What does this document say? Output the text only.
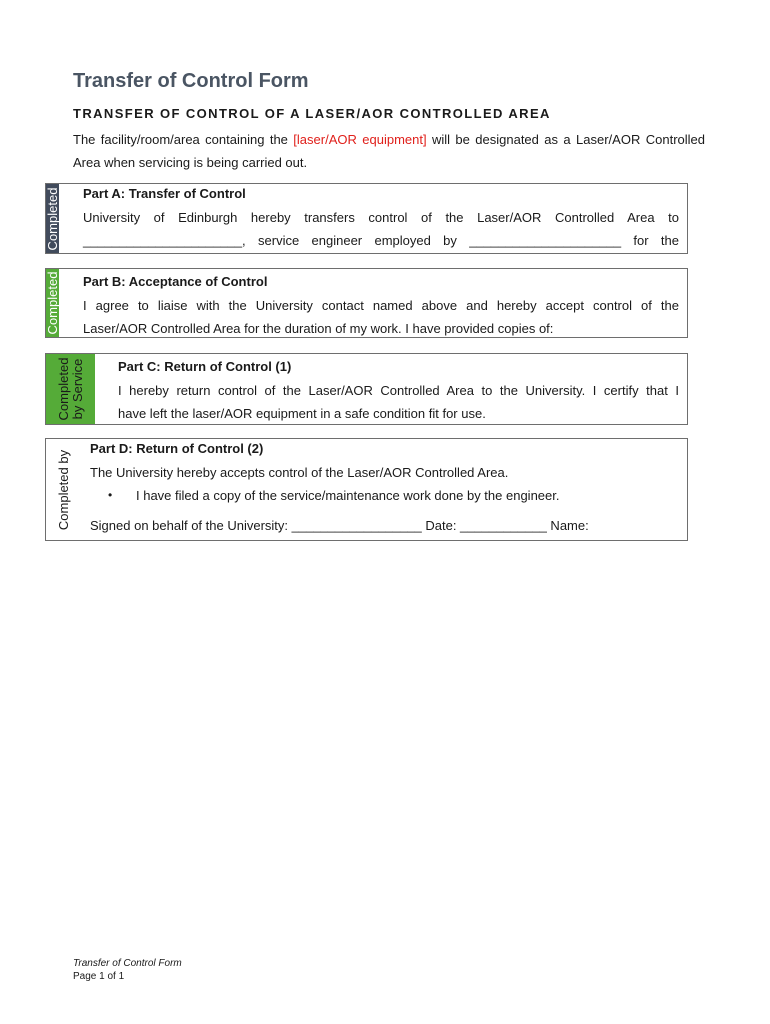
Transfer of Control Form
TRANSFER OF CONTROL OF A LASER/AOR CONTROLLED AREA

The facility/room/area containing the [laser/AOR equipment] will be designated as a Laser/AOR Controlled Area when servicing is being carried out.

Completed Part A: Transfer of Control

University of Edinburgh hereby transfers control of the Laser/AOR Controlled Area to

______________________, service engineer employed by _____________________ for the

Completed Part B: Acceptance of Control

I agree to liaise with the University contact named above and hereby accept control of the

Laser/AOR Controlled Area for the duration of my work. I have provided copies of:

Completed by Service	Part C: Return of Control (1)

I hereby return control of the Laser/AOR Controlled Area to the University. I certify that I

have left the laser/AOR equipment in a safe condition fit for use.

Completed by

Part D: Return of Control (2)

The University hereby accepts control of the Laser/AOR Controlled Area.

•	I have filed a copy of the service/maintenance work done by the engineer.
Signed on behalf of the University: __________________ Date: ____________ Name:
Transfer of Control Form
Page 1 of 1
